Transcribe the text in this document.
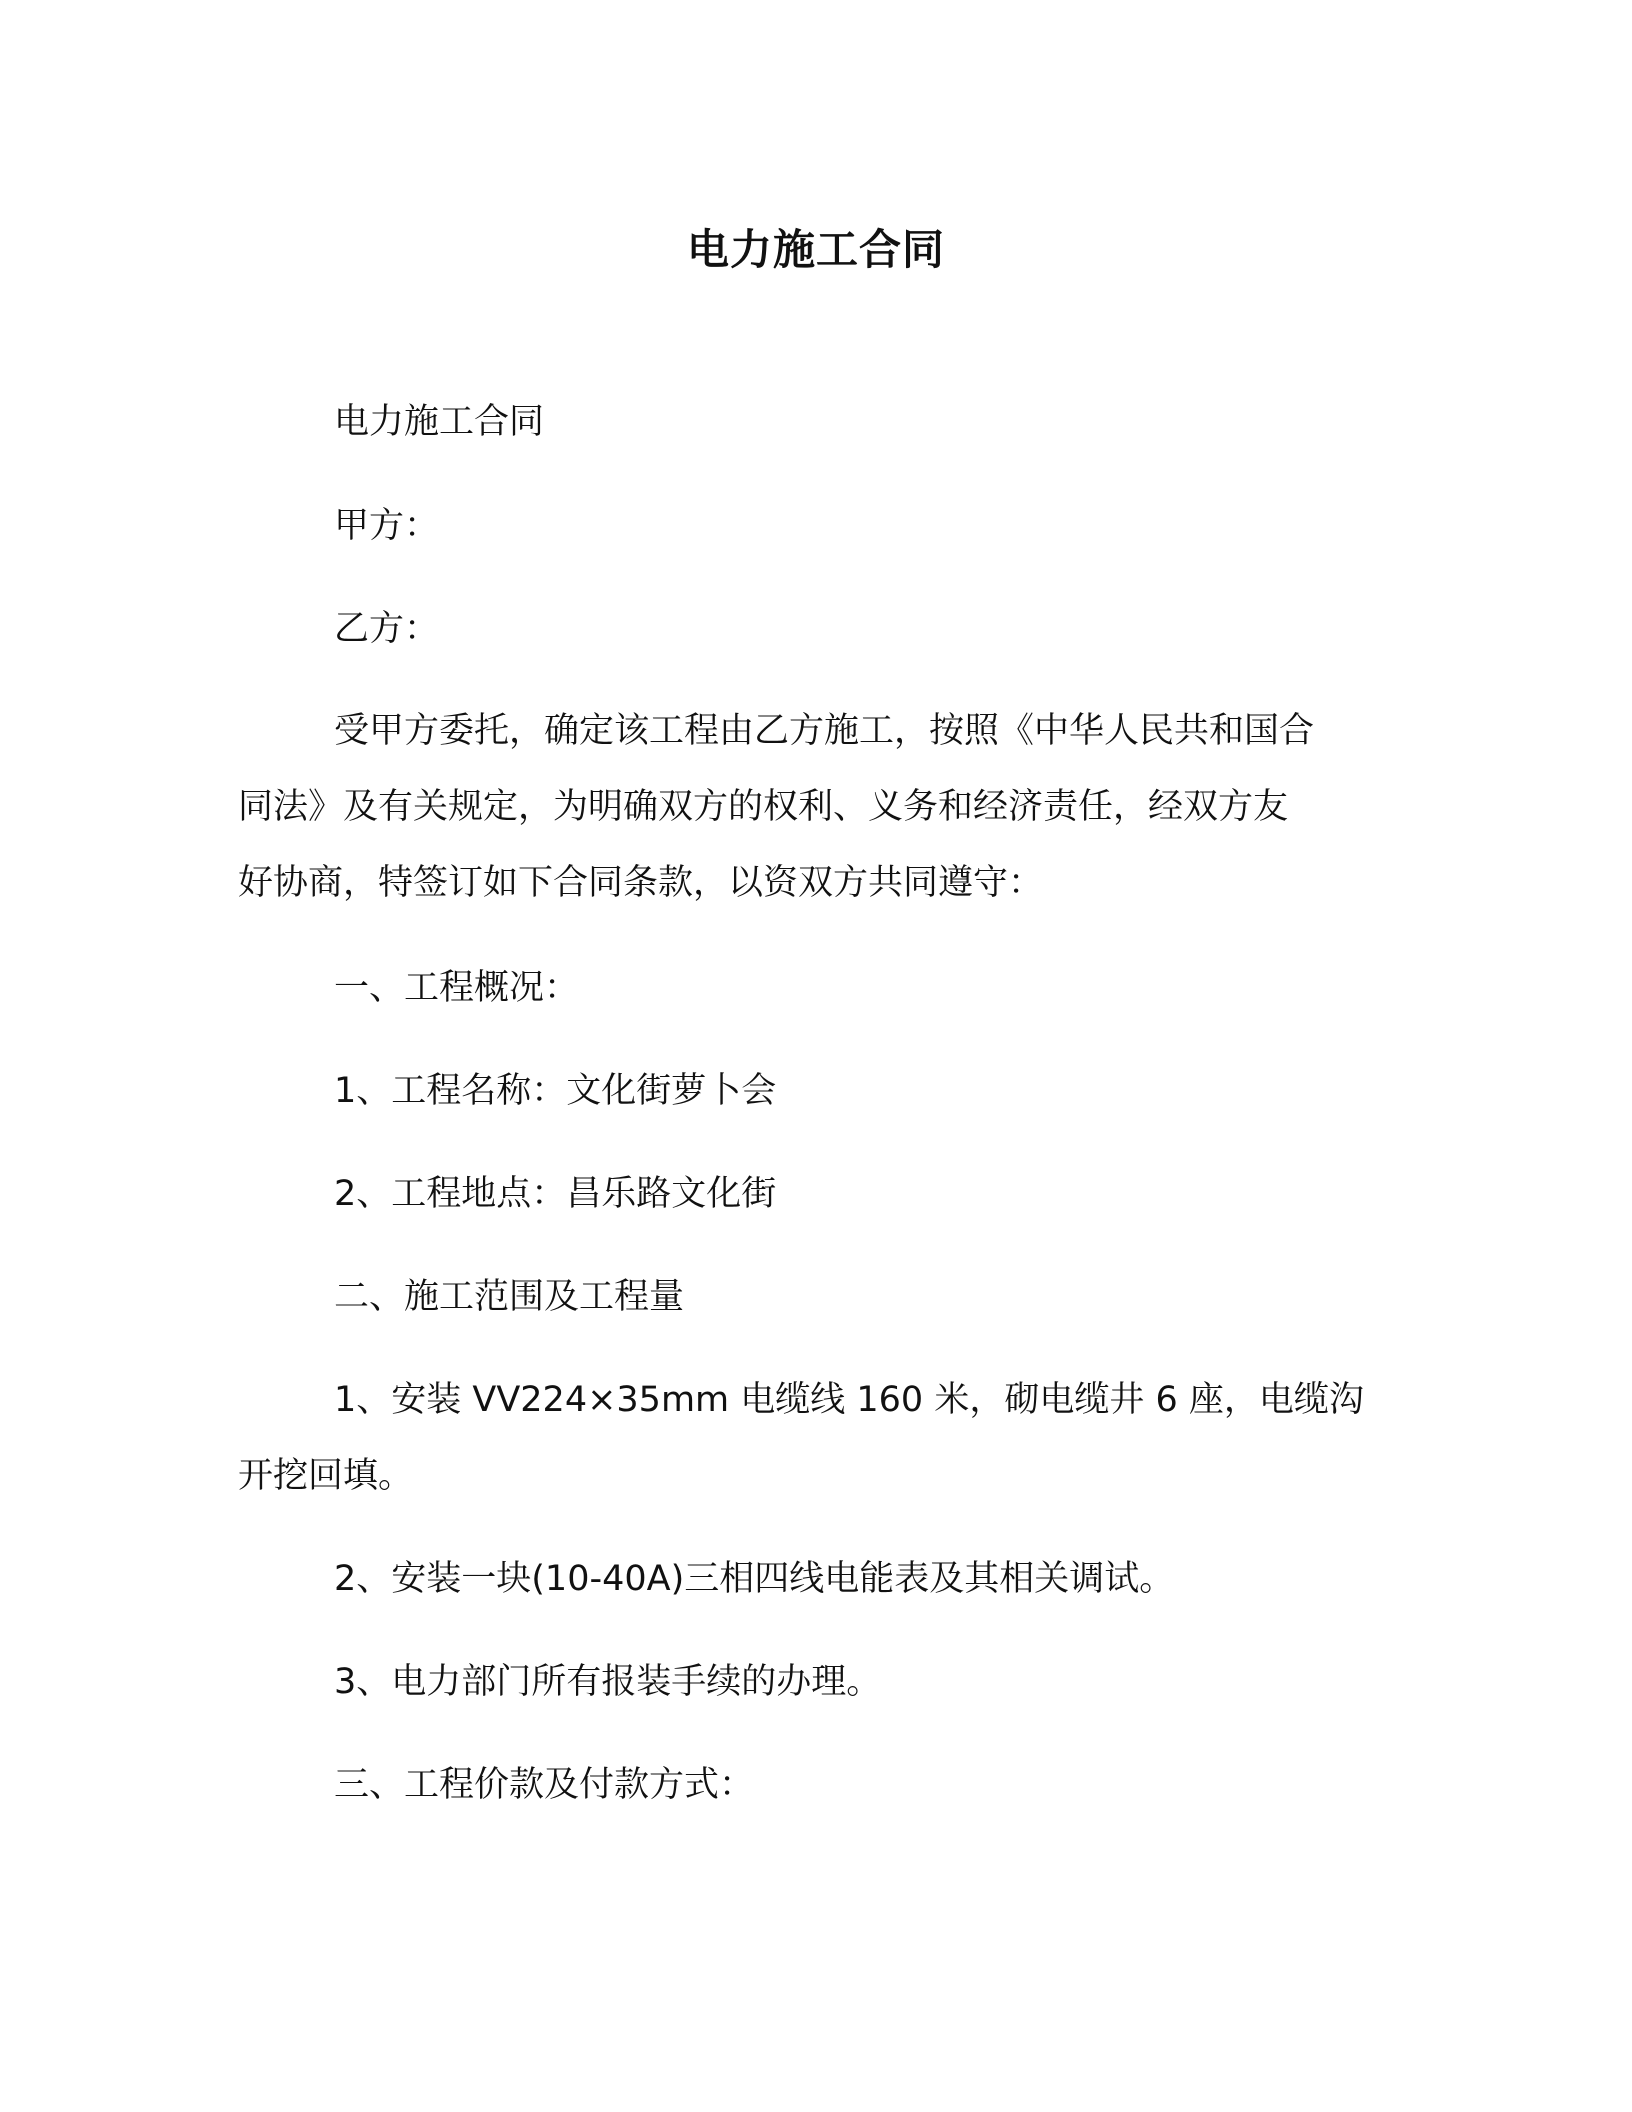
电力施工合同

电力施工合同

甲方：

乙方：

受甲方委托，确定该工程由乙方施工，按照《中华人民共和国合
同法》及有关规定，为明确双方的权利、义务和经济责任，经双方友
好协商，特签订如下合同条款，以资双方共同遵守：

一、工程概况：

1、工程名称：文化街萝卜会

2、工程地点：昌乐路文化街

二、施工范围及工程量

1、安装 VV224×35mm 电缆线 160 米，砌电缆井 6 座，电缆沟
开挖回填。

2、安装一块(10-40A)三相四线电能表及其相关调试。

3、电力部门所有报装手续的办理。

三、工程价款及付款方式：
